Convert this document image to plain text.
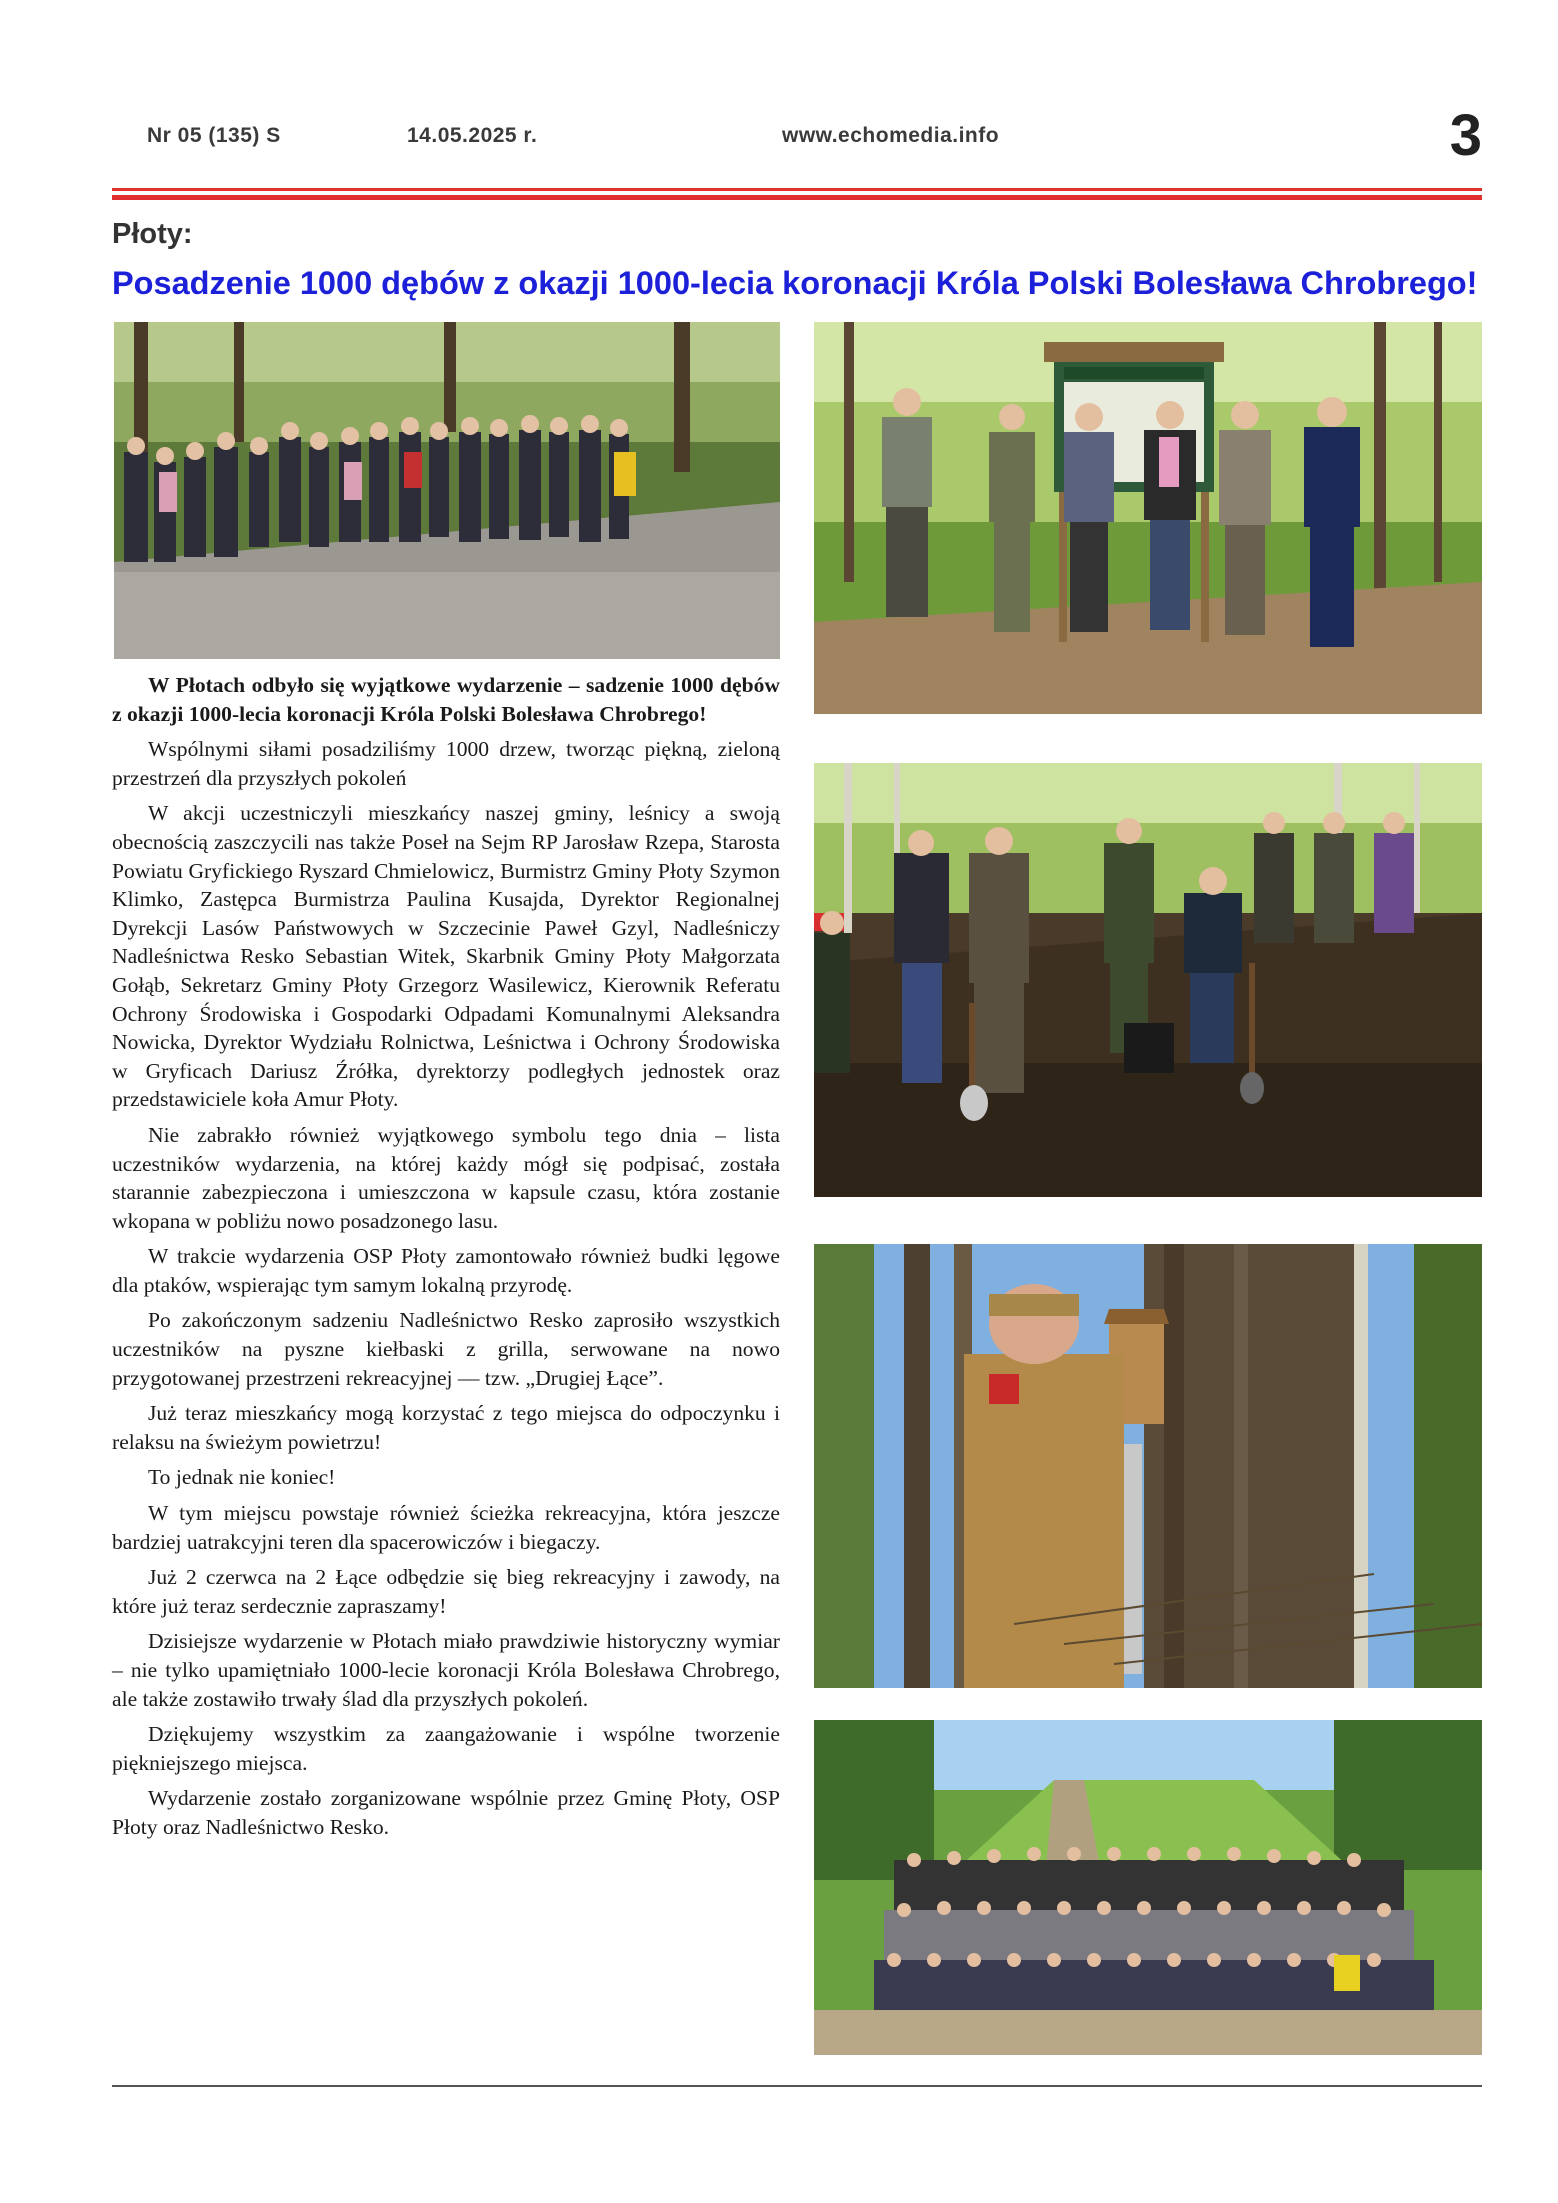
Nr 05 (135) S	14.05.2025 r.	www.echomedia.info	3
Płoty:
Posadzenie 1000 dębów z okazji 1000-lecia koronacji Króla Polski Bolesława Chrobrego!

W Płotach odbyło się wyjątkowe wydarzenie – sadzenie 1000 dębów z okazji 1000-lecia koronacji Króla Polski Bolesława Chrobrego!

Wspólnymi siłami posadziliśmy 1000 drzew, tworząc piękną, zieloną przestrzeń dla przyszłych pokoleń

W akcji uczestniczyli mieszkańcy naszej gminy, leśnicy a swoją obecnością zaszczycili nas także Poseł na Sejm RP Jarosław Rzepa, Starosta Powiatu Gryfickiego Ryszard Chmielowicz, Burmistrz Gminy Płoty Szymon Klimko, Zastępca Burmistrza Paulina Kusajda, Dyrektor Regionalnej Dyrekcji Lasów Państwowych w Szczecinie Paweł Gzyl, Nadleśniczy Nadleśnictwa Resko Sebastian Witek, Skarbnik Gminy Płoty Małgorzata Gołąb, Sekretarz Gminy Płoty Grzegorz Wasilewicz, Kierownik Referatu Ochrony Środowiska i Gospodarki Odpadami Komunalnymi Aleksandra Nowicka, Dyrektor Wydziału Rolnictwa, Leśnictwa i Ochrony Środowiska w Gryficach Dariusz Źrółka, dyrektorzy podległych jednostek oraz przedstawiciele koła Amur Płoty.

Nie zabrakło również wyjątkowego symbolu tego dnia – lista uczestników wydarzenia, na której każdy mógł się podpisać, została starannie zabezpieczona i umieszczona w kapsule czasu, która zostanie wkopana w pobliżu nowo posadzonego lasu.

W trakcie wydarzenia OSP Płoty zamontowało również budki lęgowe dla ptaków, wspierając tym samym lokalną przyrodę.

Po zakończonym sadzeniu Nadleśnictwo Resko zaprosiło wszystkich uczestników na pyszne kiełbaski z grilla, serwowane na nowo przygotowanej przestrzeni rekreacyjnej — tzw. „Drugiej Łące”.

Już teraz mieszkańcy mogą korzystać z tego miejsca do odpoczynku i relaksu na świeżym powietrzu!

To jednak nie koniec!

W tym miejscu powstaje również ścieżka rekreacyjna, która jeszcze bardziej uatrakcyjni teren dla spacerowiczów i biegaczy.

Już 2 czerwca na 2 Łące odbędzie się bieg rekreacyjny i zawody, na które już teraz serdecznie zapraszamy!

Dzisiejsze wydarzenie w Płotach miało prawdziwie historyczny wymiar – nie tylko upamiętniało 1000-lecie koronacji Króla Bolesława Chrobrego, ale także zostawiło trwały ślad dla przyszłych pokoleń.

Dziękujemy wszystkim za zaangażowanie i wspólne tworzenie piękniejszego miejsca.

Wydarzenie zostało zorganizowane wspólnie przez Gminę Płoty, OSP Płoty oraz Nadleśnictwo Resko.
